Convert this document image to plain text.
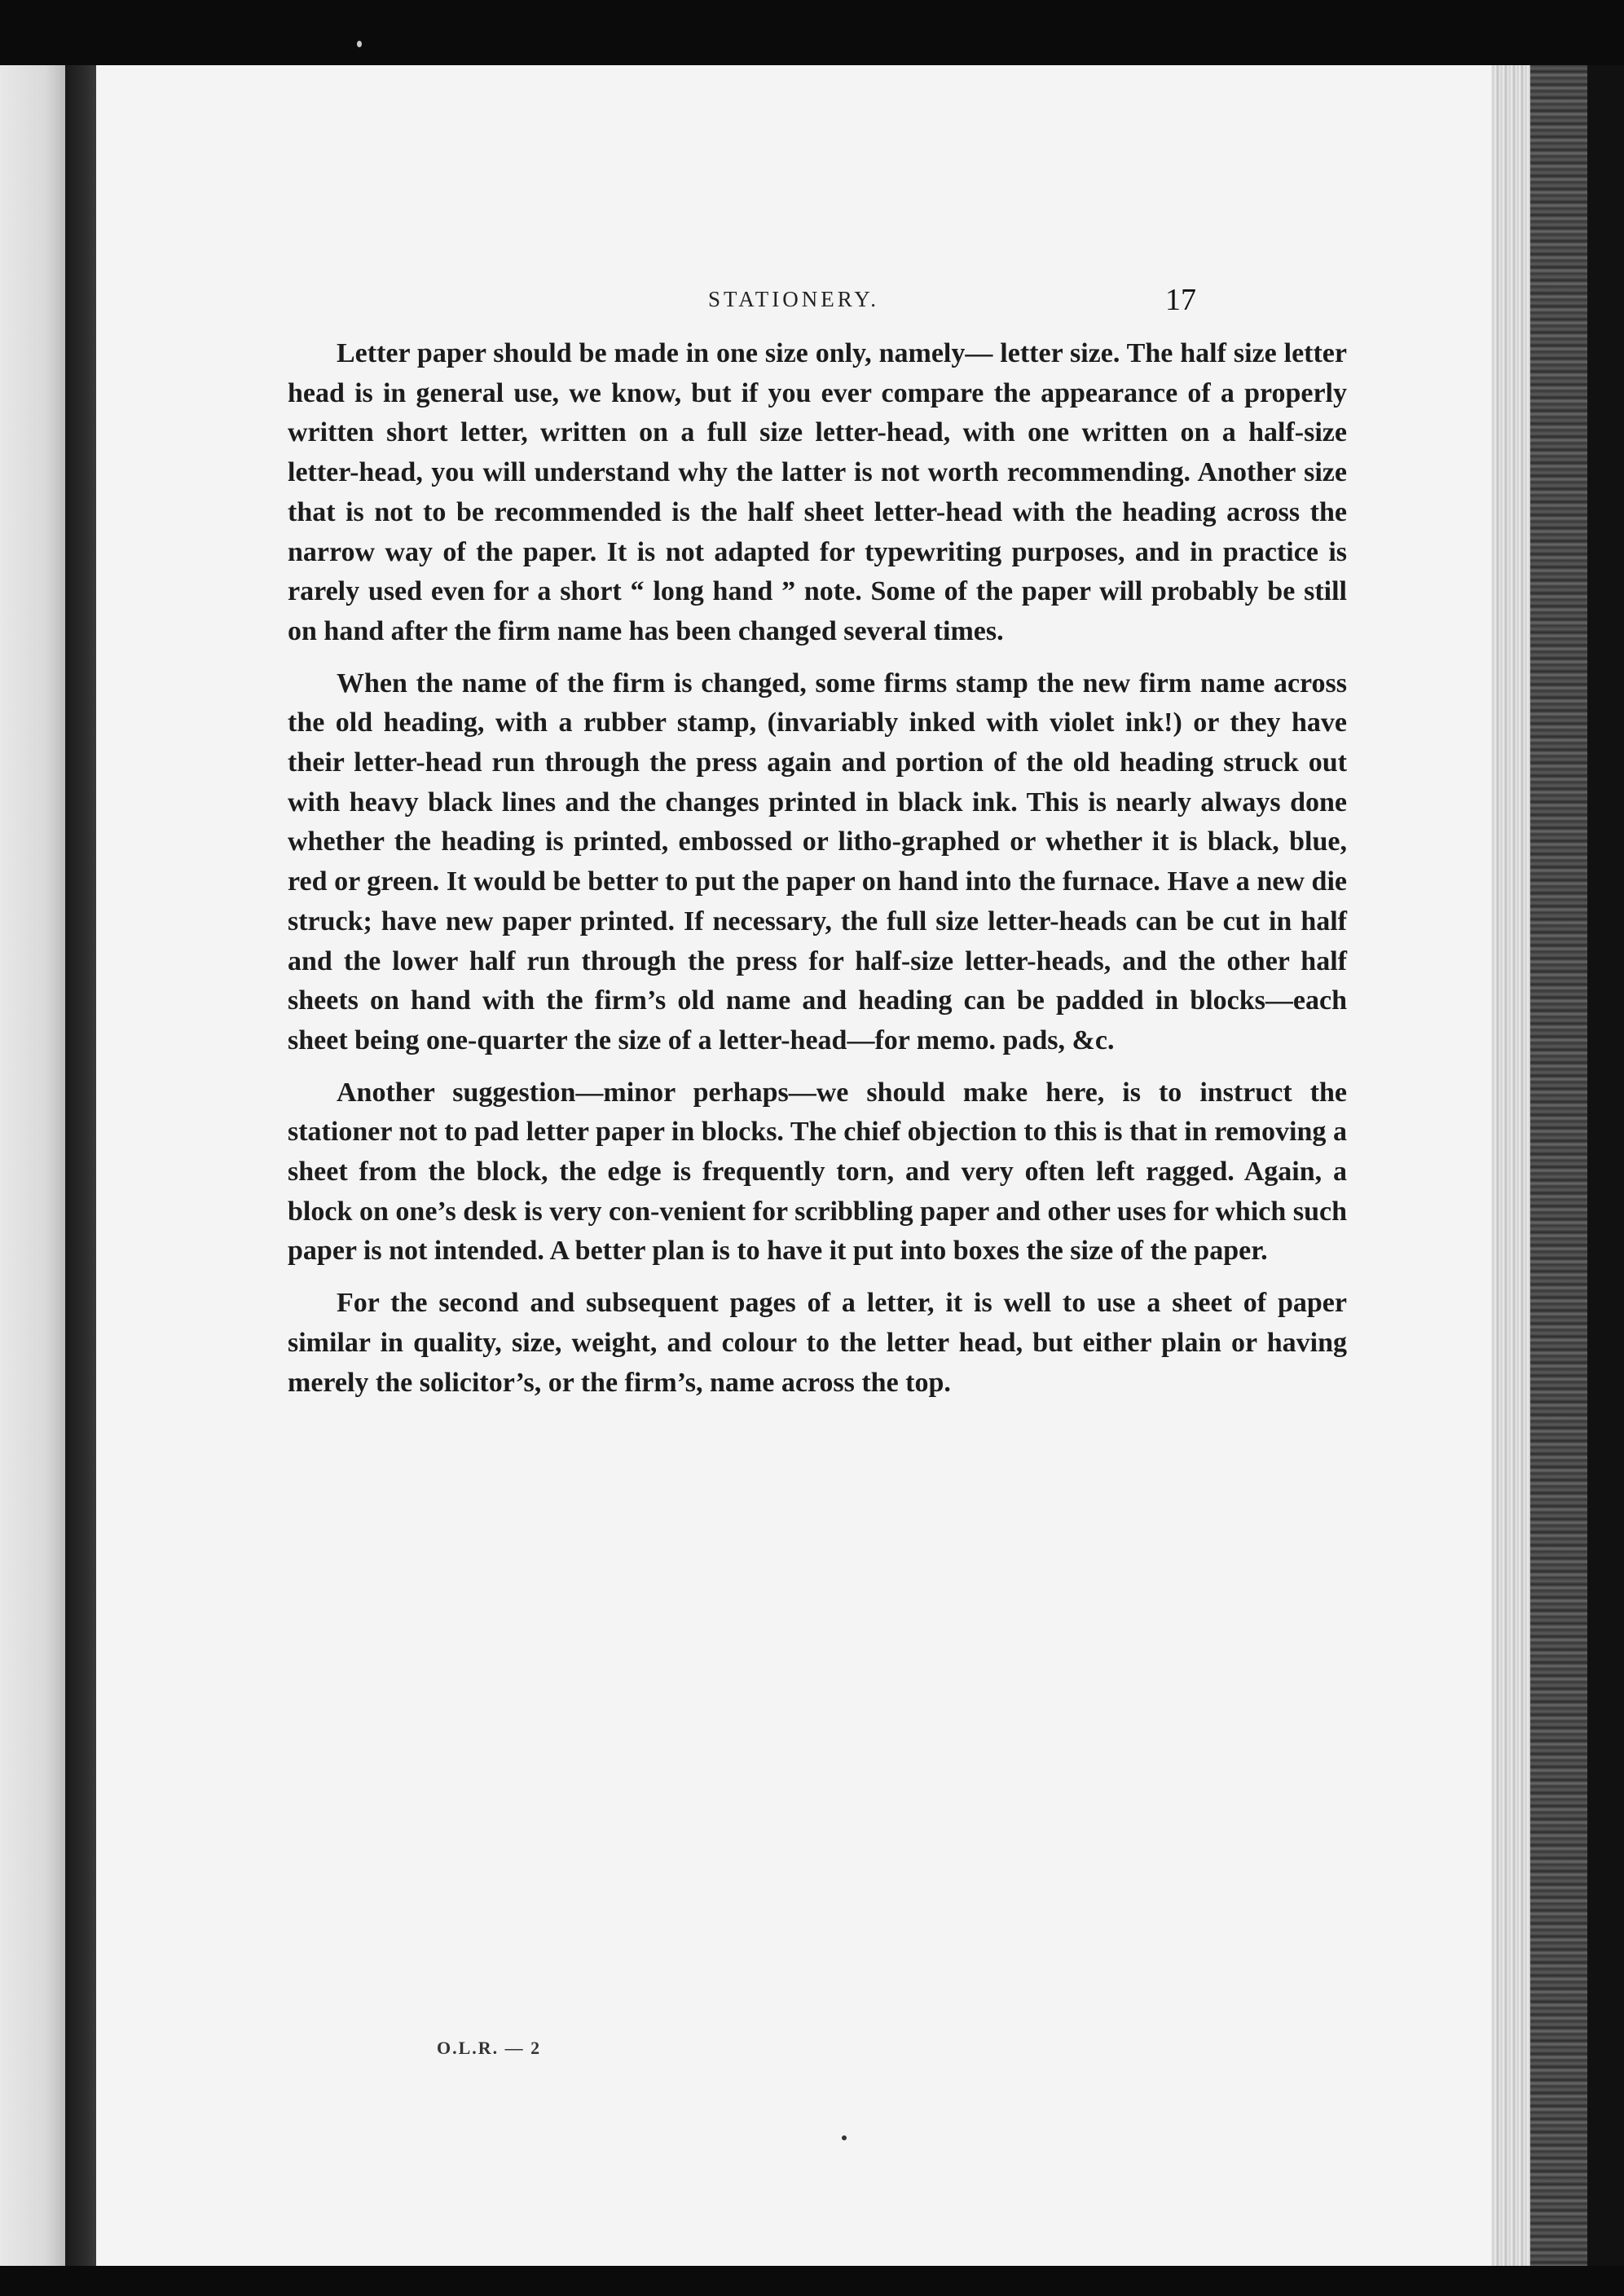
STATIONERY.	17

Letter paper should be made in one size only, namely— letter size. The half size letter head is in general use, we know, but if you ever compare the appearance of a properly written short letter, written on a full size letter-head, with one written on a half-size letter-head, you will understand why the latter is not worth recommending. Another size that is not to be recommended is the half sheet letter-head with the heading across the narrow way of the paper. It is not adapted for typewriting purposes, and in practice is rarely used even for a short “ long hand ” note. Some of the paper will probably be still on hand after the firm name has been changed several times.

When the name of the firm is changed, some firms stamp the new firm name across the old heading, with a rubber stamp, (invariably inked with violet ink!) or they have their letter-head run through the press again and portion of the old heading struck out with heavy black lines and the changes printed in black ink. This is nearly always done whether the heading is printed, embossed or litho-graphed or whether it is black, blue, red or green. It would be better to put the paper on hand into the furnace. Have a new die struck; have new paper printed. If necessary, the full size letter-heads can be cut in half and the lower half run through the press for half-size letter-heads, and the other half sheets on hand with the firm’s old name and heading can be padded in blocks—each sheet being one-quarter the size of a letter-head—for memo. pads, &c.

Another suggestion—minor perhaps—we should make here, is to instruct the stationer not to pad letter paper in blocks. The chief objection to this is that in removing a sheet from the block, the edge is frequently torn, and very often left ragged. Again, a block on one’s desk is very con-venient for scribbling paper and other uses for which such paper is not intended. A better plan is to have it put into boxes the size of the paper.

For the second and subsequent pages of a letter, it is well to use a sheet of paper similar in quality, size, weight, and colour to the letter head, but either plain or having merely the solicitor’s, or the firm’s, name across the top.

O.L.R. — 2
